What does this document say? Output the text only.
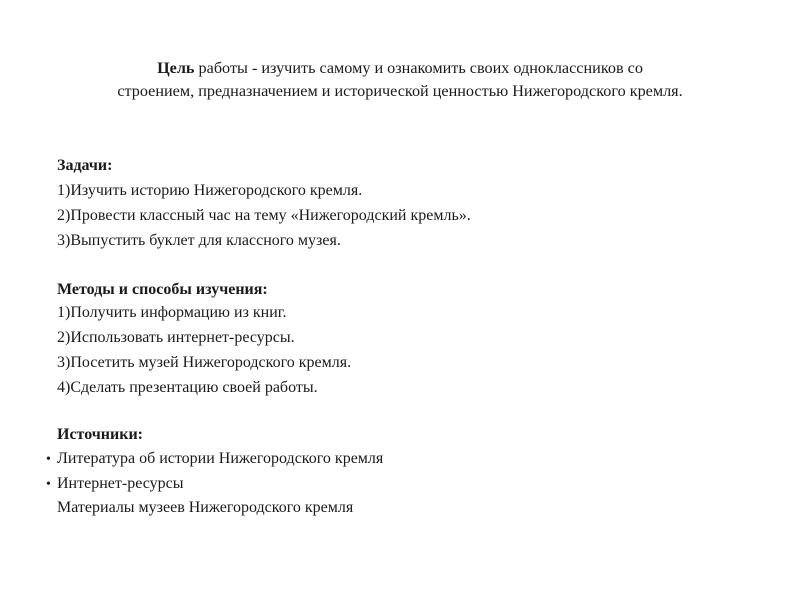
Цель работы - изучить самому и ознакомить своих одноклассников со
строением, предназначением и исторической ценностью Нижегородского кремля.
Задачи:
1)Изучить историю Нижегородского кремля.
2)Провести классный час на тему «Нижегородский кремль».
3)Выпустить буклет для классного музея.
Методы и способы изучения:
1)Получить информацию из книг.
2)Использовать интернет-ресурсы.
3)Посетить музей Нижегородского кремля.
4)Сделать презентацию своей работы.
Источники:
• Литература об истории Нижегородского кремля
• Интернет-ресурсы
Материалы музеев Нижегородского кремля
